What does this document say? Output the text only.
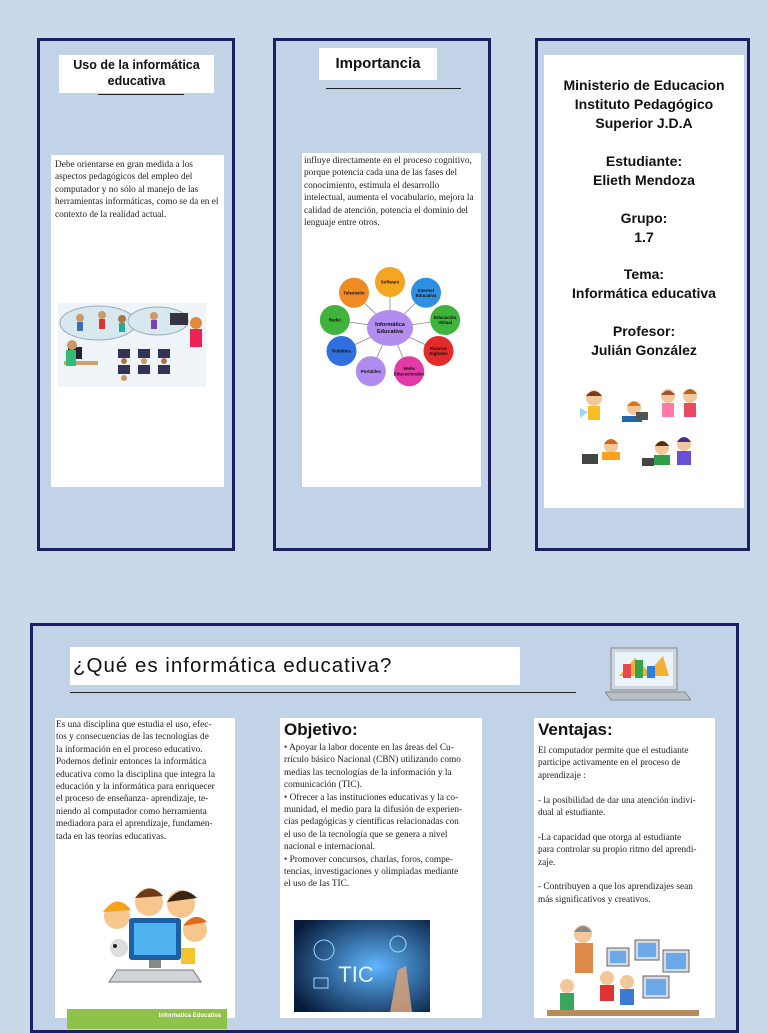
Uso de la informática
educativa
Debe orientarse en gran medida a los aspectos pedagógicos del empleo del computador y no sólo al manejo de las herramientas informáticas, como se da en el contexto de la realidad actual.
Importancia
influye directamente en el proceso cognitivo, porque potencia cada una de las fases del conocimiento, estimula el desarrollo intelectual, aumenta el vocabulario, mejora la calidad de atención, potencia el dominio del lenguaje entre otros.
Software
Internet
Educativa
Educación
Virtual
Pizarras
Digitales
Webs
Educacionales
Portátiles
Robótica
Radio
Televisión
Informática Educativa
Ministerio de Educacion
Instituto Pedagógico
Superior J.D.A
Estudiante:
Elieth Mendoza
Grupo:
1.7
Tema:
Informática educativa
Profesor:
Julián González
¿Qué es informática educativa?
Es una disciplina que estudia el uso, efec-
tos y consecuencias de las tecnologías de
la información en el proceso educativo.
Podemos definir entonces la informática
educativa como la disciplina que integra la
educación y la informática para enriquecer
el proceso de enseñanza- aprendizaje, te-
niendo al computador como herramienta
mediadora para el aprendizaje, fundamen-
tada en las teorías educativas.
Informatica Educativa
Objetivo:
• Apoyar la labor docente en las áreas del Cu-
rrículo básico Nacional (CBN) utilizando como
medias las tecnologías de la información y la
comunicación (TIC).
• Ofrecer a las instituciones educativas y la co-
munidad, el medio para la difusión de experien-
cias pedagógicas y científicas relacionadas con
el uso de la tecnología que se genera a nivel
nacional e internacional.
• Promover concursos, charlas, foros, compe-
tencias, investigaciones y olimpiadas mediante
el uso de las TIC.
TIC
Ventajas:
El computador permite que el estudiante
participe activamente en el proceso de
aprendizaje :

- la posibilidad de dar una atención indivi-
dual al estudiante.

-La capacidad que otorga al estudiante
para controlar su propio ritmo del aprendi-
zaje.

- Contribuyen a que los aprendizajes sean
más significativos y creativos.
